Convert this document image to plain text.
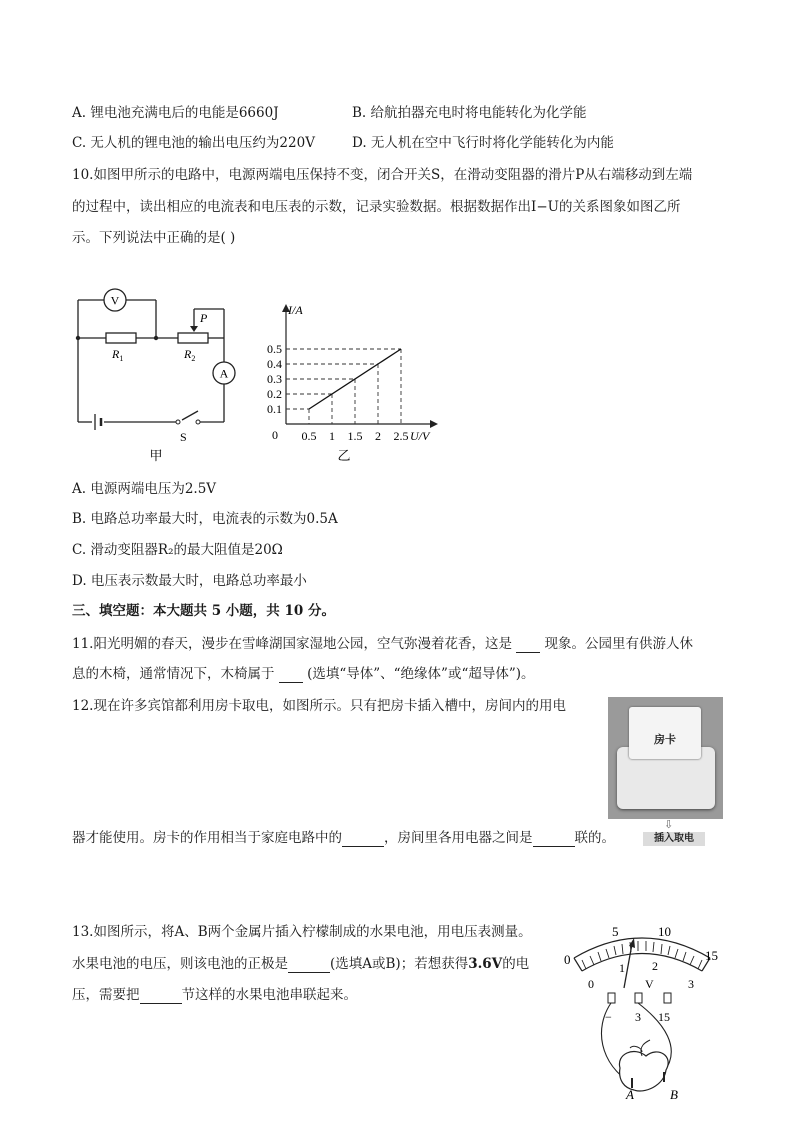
A. 锂电池充满电后的电能是6660J	B. 给航拍器充电时将电能转化为化学能
C. 无人机的锂电池的输出电压约为220V	D. 无人机在空中飞行时将化学能转化为内能
10.如图甲所示的电路中，电源两端电压保持不变，闭合开关S，在滑动变阻器的滑片P从右端移动到左端
的过程中，读出相应的电流表和电压表的示数，记录实验数据。根据数据作出I−U的关系图象如图乙所
示。下列说法中正确的是( )
V
A
$R_1$	$R_2$
P
S
甲
I/A
U/V
0
乙
0.5 1 1.5 2 2.5
0.1
0.2
0.3
0.4
0.5
A. 电源两端电压为2.5V
B. 电路总功率最大时，电流表的示数为0.5A
C. 滑动变阻器R₂的最大阻值是20Ω
D. 电压表示数最大时，电路总功率最小
三、填空题：本大题共 5 小题，共 10 分。
11.阳光明媚的春天，漫步在雪峰湖国家湿地公园，空气弥漫着花香，这是  现象。公园里有供游人休
息的木椅，通常情况下，木椅属于  (选填“导体”、“绝缘体”或“超导体”)。
12.现在许多宾馆都利用房卡取电，如图所示。只有把房卡插入槽中，房间内的用电
⇩
插入取电
房卡
器才能使用。房卡的作用相当于家庭电路中的	，房间里各用电器之间是	联的。
13.如图所示，将A、B两个金属片插入柠檬制成的水果电池，用电压表测量。
水果电池的电压，则该电池的正极是	(选填A或B)；若想获得3.6V的电
压，需要把	节这样的水果电池串联起来。
0
5	10
15
0
1 2
3
V
− 3 15
A	B
